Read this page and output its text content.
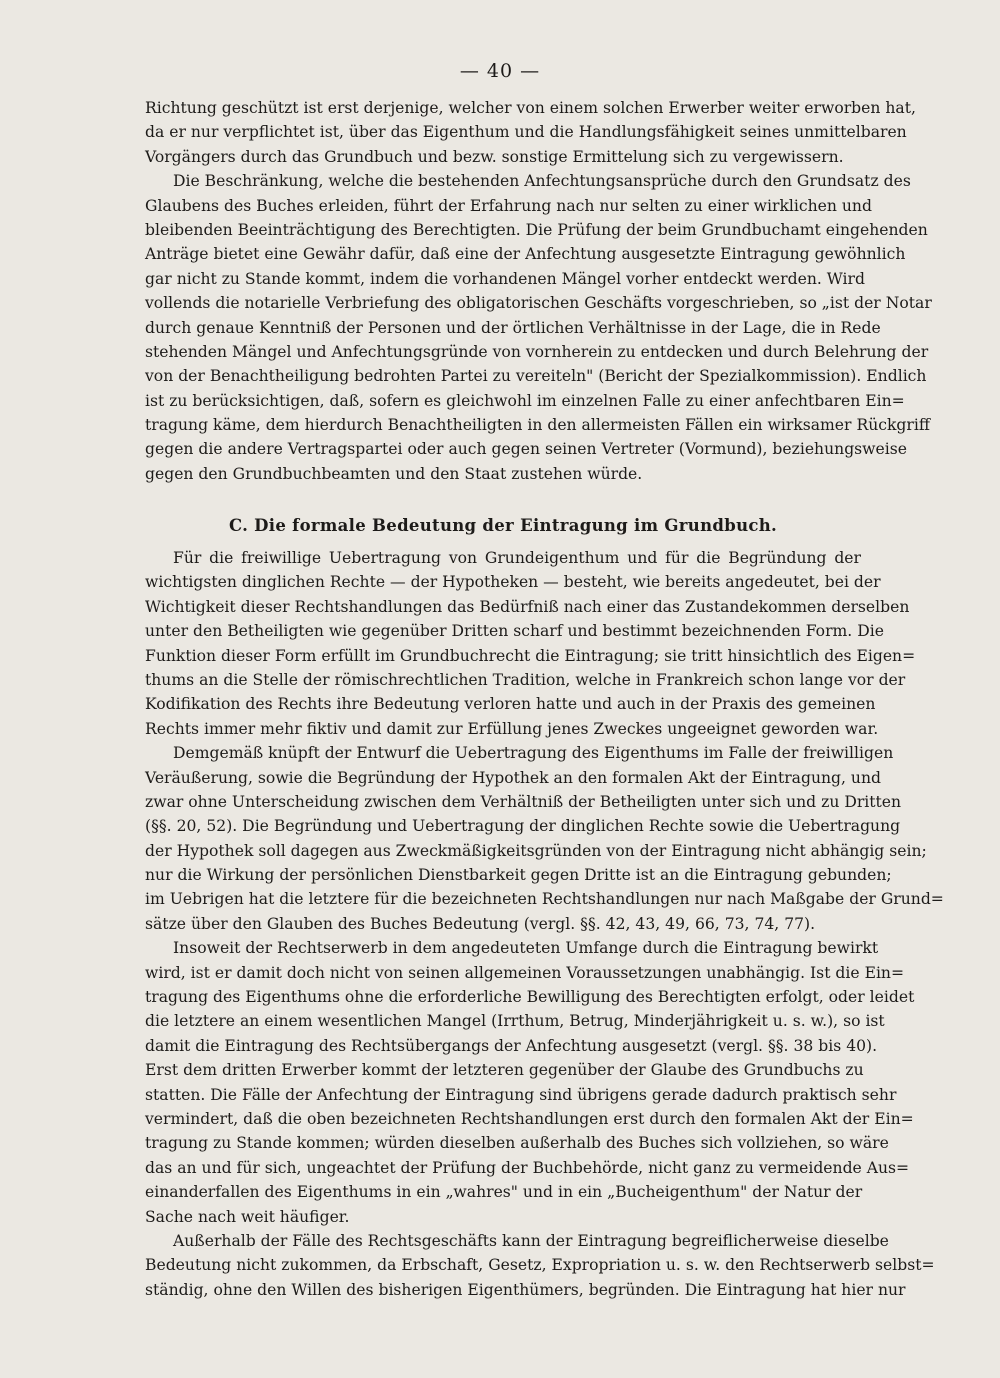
— 40 —
Richtung geschützt ist erst derjenige, welcher von einem solchen Erwerber weiter erworben hat,
da er nur verpflichtet ist, über das Eigenthum und die Handlungsfähigkeit seines unmittelbaren
Vorgängers durch das Grundbuch und bezw. sonstige Ermittelung sich zu vergewissern.
Die Beschränkung, welche die bestehenden Anfechtungsansprüche durch den Grundsatz des
Glaubens des Buches erleiden, führt der Erfahrung nach nur selten zu einer wirklichen und
bleibenden Beeinträchtigung des Berechtigten. Die Prüfung der beim Grundbuchamt eingehenden
Anträge bietet eine Gewähr dafür, daß eine der Anfechtung ausgesetzte Eintragung gewöhnlich
gar nicht zu Stande kommt, indem die vorhandenen Mängel vorher entdeckt werden. Wird
vollends die notarielle Verbriefung des obligatorischen Geschäfts vorgeschrieben, so „ist der Notar
durch genaue Kenntniß der Personen und der örtlichen Verhältnisse in der Lage, die in Rede
stehenden Mängel und Anfechtungsgründe von vornherein zu entdecken und durch Belehrung der
von der Benachtheiligung bedrohten Partei zu vereiteln" (Bericht der Spezialkommission). Endlich
ist zu berücksichtigen, daß, sofern es gleichwohl im einzelnen Falle zu einer anfechtbaren Ein=
tragung käme, dem hierdurch Benachtheiligten in den allermeisten Fällen ein wirksamer Rückgriff
gegen die andere Vertragspartei oder auch gegen seinen Vertreter (Vormund), beziehungsweise
gegen den Grundbuchbeamten und den Staat zustehen würde.
C. Die formale Bedeutung der Eintragung im Grundbuch.
Für die freiwillige Uebertragung von Grundeigenthum und für die Begründung der
wichtigsten dinglichen Rechte — der Hypotheken — besteht, wie bereits angedeutet, bei der
Wichtigkeit dieser Rechtshandlungen das Bedürfniß nach einer das Zustandekommen derselben
unter den Betheiligten wie gegenüber Dritten scharf und bestimmt bezeichnenden Form. Die
Funktion dieser Form erfüllt im Grundbuchrecht die Eintragung; sie tritt hinsichtlich des Eigen=
thums an die Stelle der römischrechtlichen Tradition, welche in Frankreich schon lange vor der
Kodifikation des Rechts ihre Bedeutung verloren hatte und auch in der Praxis des gemeinen
Rechts immer mehr fiktiv und damit zur Erfüllung jenes Zweckes ungeeignet geworden war.
Demgemäß knüpft der Entwurf die Uebertragung des Eigenthums im Falle der freiwilligen
Veräußerung, sowie die Begründung der Hypothek an den formalen Akt der Eintragung, und
zwar ohne Unterscheidung zwischen dem Verhältniß der Betheiligten unter sich und zu Dritten
(§§. 20, 52). Die Begründung und Uebertragung der dinglichen Rechte sowie die Uebertragung
der Hypothek soll dagegen aus Zweckmäßigkeitsgründen von der Eintragung nicht abhängig sein;
nur die Wirkung der persönlichen Dienstbarkeit gegen Dritte ist an die Eintragung gebunden;
im Uebrigen hat die letztere für die bezeichneten Rechtshandlungen nur nach Maßgabe der Grund=
sätze über den Glauben des Buches Bedeutung (vergl. §§. 42, 43, 49, 66, 73, 74, 77).
Insoweit der Rechtserwerb in dem angedeuteten Umfange durch die Eintragung bewirkt
wird, ist er damit doch nicht von seinen allgemeinen Voraussetzungen unabhängig. Ist die Ein=
tragung des Eigenthums ohne die erforderliche Bewilligung des Berechtigten erfolgt, oder leidet
die letztere an einem wesentlichen Mangel (Irrthum, Betrug, Minderjährigkeit u. s. w.), so ist
damit die Eintragung des Rechtsübergangs der Anfechtung ausgesetzt (vergl. §§. 38 bis 40).
Erst dem dritten Erwerber kommt der letzteren gegenüber der Glaube des Grundbuchs zu
statten. Die Fälle der Anfechtung der Eintragung sind übrigens gerade dadurch praktisch sehr
vermindert, daß die oben bezeichneten Rechtshandlungen erst durch den formalen Akt der Ein=
tragung zu Stande kommen; würden dieselben außerhalb des Buches sich vollziehen, so wäre
das an und für sich, ungeachtet der Prüfung der Buchbehörde, nicht ganz zu vermeidende Aus=
einanderfallen des Eigenthums in ein „wahres" und in ein „Bucheigenthum" der Natur der
Sache nach weit häufiger.
Außerhalb der Fälle des Rechtsgeschäfts kann der Eintragung begreiflicherweise dieselbe
Bedeutung nicht zukommen, da Erbschaft, Gesetz, Expropriation u. s. w. den Rechtserwerb selbst=
ständig, ohne den Willen des bisherigen Eigenthümers, begründen. Die Eintragung hat hier nur
